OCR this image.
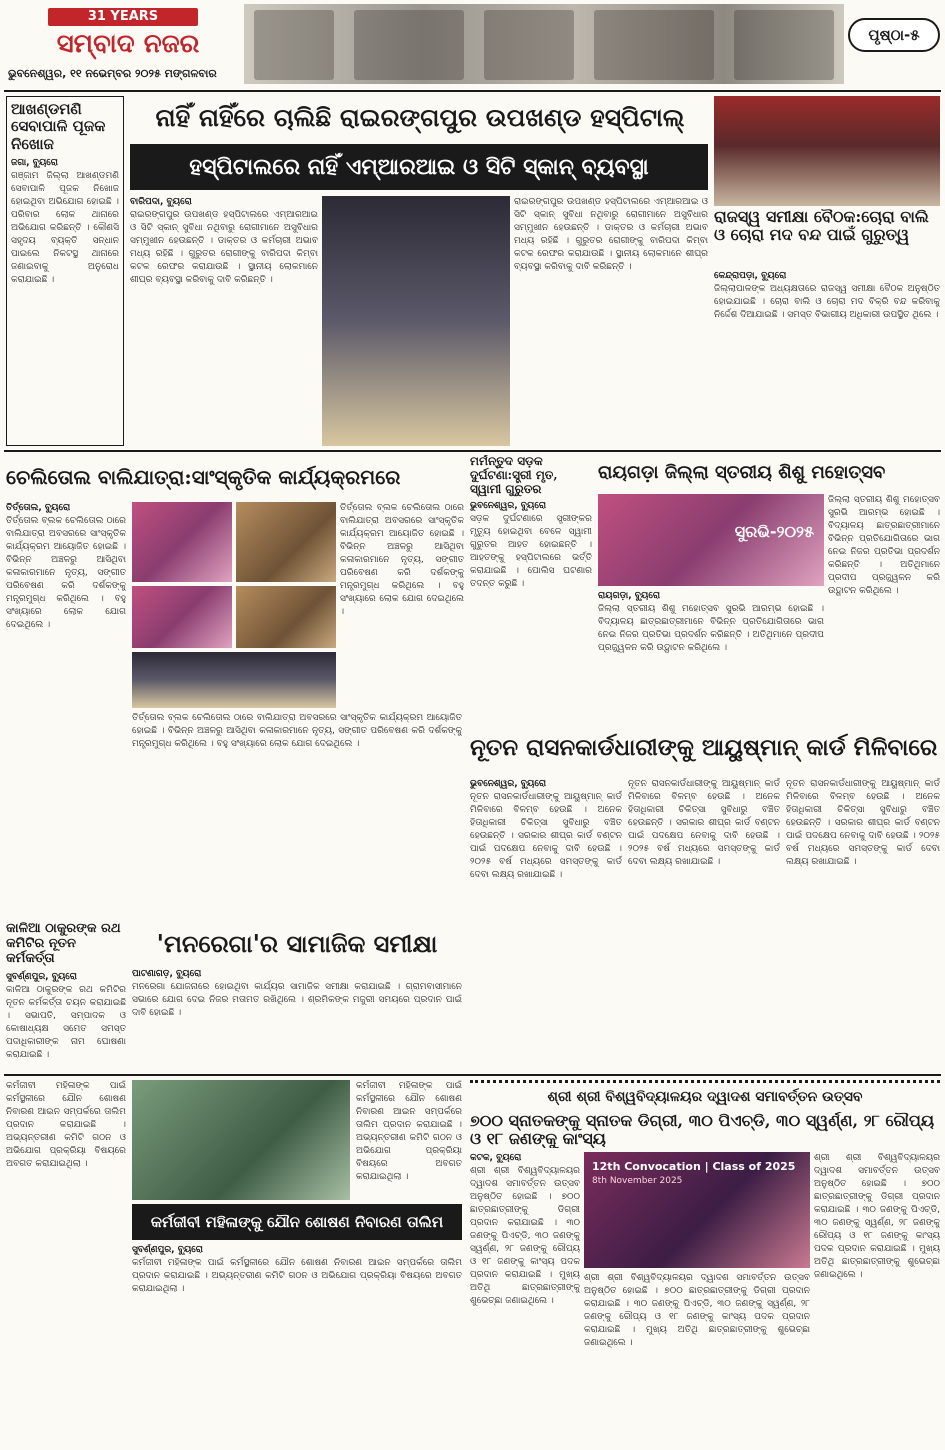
31 YEARS
ସମ୍ବାଦ ନଜର
ଭୁବନେଶ୍ୱର, ୧୧ ନଭେମ୍ବର ୨୦୨୫ ମଙ୍ଗଳବାର
ପୃଷ୍ଠା-୫
ଆଖଣ୍ଡମଣି ସେବାପାଳି ପୂଜକ ନିଖୋଜ
ଜଗା, ବ୍ୟୁରୋ
ଗଞ୍ଜାମ ଜିଲ୍ଲା ଆଖଣ୍ଡମଣି ସେବାପାଳି ପୂଜକ ନିଖୋଜ ହୋଇଥିବା ଅଭିଯୋଗ ହୋଇଛି । ପରିବାର ଲୋକ ଥାନାରେ ଅଭିଯୋଗ କରିଛନ୍ତି । କୌଣସି ସହୃଦୟ ବ୍ୟକ୍ତି ସନ୍ଧାନ ପାଇଲେ ନିକଟସ୍ଥ ଥାନାରେ ଜଣାଇବାକୁ ଅନୁରୋଧ କରାଯାଇଛି ।
ନାହିଁ ନାହିଁରେ ଚାଲିଛି ରାଇରଙ୍ଗପୁର ଉପଖଣ୍ଡ ହସ୍ପିଟାଲ୍
ହସ୍ପିଟାଲରେ ନାହିଁ ଏମ୍ଆରଆଇ ଓ ସିଟି ସ୍କାନ୍ ବ୍ୟବସ୍ଥା
ବାରିପଦା, ବ୍ୟୁରୋ
ରାଇରଙ୍ଗପୁର ଉପଖଣ୍ଡ ହସ୍ପିଟାଲରେ ଏମ୍ଆରଆଇ ଓ ସିଟି ସ୍କାନ୍ ସୁବିଧା ନଥିବାରୁ ରୋଗୀମାନେ ଅସୁବିଧାର ସମ୍ମୁଖୀନ ହେଉଛନ୍ତି । ଡାକ୍ତର ଓ କର୍ମଚାରୀ ଅଭାବ ମଧ୍ୟ ରହିଛି । ଗୁରୁତର ରୋଗୀଙ୍କୁ ବାରିପଦା କିମ୍ବା କଟକ ରେଫର କରାଯାଉଛି । ସ୍ଥାନୀୟ ଲୋକମାନେ ଶୀଘ୍ର ବ୍ୟବସ୍ଥା କରିବାକୁ ଦାବି କରିଛନ୍ତି ।
ରାଇରଙ୍ଗପୁର ଉପଖଣ୍ଡ ହସ୍ପିଟାଲରେ ଏମ୍ଆରଆଇ ଓ ସିଟି ସ୍କାନ୍ ସୁବିଧା ନଥିବାରୁ ରୋଗୀମାନେ ଅସୁବିଧାର ସମ୍ମୁଖୀନ ହେଉଛନ୍ତି । ଡାକ୍ତର ଓ କର୍ମଚାରୀ ଅଭାବ ମଧ୍ୟ ରହିଛି । ଗୁରୁତର ରୋଗୀଙ୍କୁ ବାରିପଦା କିମ୍ବା କଟକ ରେଫର କରାଯାଉଛି । ସ୍ଥାନୀୟ ଲୋକମାନେ ଶୀଘ୍ର ବ୍ୟବସ୍ଥା କରିବାକୁ ଦାବି କରିଛନ୍ତି ।
ରାଜସ୍ୱ ସମୀକ୍ଷା ବୈଠକ:ଚୋରା ବାଲି ଓ ଚୋରା ମଦ ବନ୍ଦ ପାଇଁ ଗୁରୁତ୍ୱ
କେନ୍ଦ୍ରାପଡ଼ା, ବ୍ୟୁରୋ
ଜିଲ୍ଲାପାଳଙ୍କ ଅଧ୍ୟକ୍ଷତାରେ ରାଜସ୍ୱ ସମୀକ୍ଷା ବୈଠକ ଅନୁଷ୍ଠିତ ହୋଇଯାଇଛି । ଚୋରା ବାଲି ଓ ଚୋରା ମଦ ବିକ୍ରି ବନ୍ଦ କରିବାକୁ ନିର୍ଦ୍ଦେଶ ଦିଆଯାଇଛି । ସମସ୍ତ ବିଭାଗୀୟ ଅଧିକାରୀ ଉପସ୍ଥିତ ଥିଲେ ।
ଚେଲିତୋଲ ବାଲିଯାତ୍ରା:ସାଂସ୍କୃତିକ କାର୍ଯ୍ୟକ୍ରମରେ
ତିର୍ତ୍ତୋଲ, ବ୍ୟୁରୋ
ତିର୍ତ୍ତୋଲ ବ୍ଲକ ଚେଲିତୋଲ ଠାରେ ବାଲିଯାତ୍ରା ଅବସରରେ ସାଂସ୍କୃତିକ କାର୍ଯ୍ୟକ୍ରମ ଆୟୋଜିତ ହୋଇଛି । ବିଭିନ୍ନ ଅଞ୍ଚଳରୁ ଆସିଥିବା କଳାକାରମାନେ ନୃତ୍ୟ, ସଙ୍ଗୀତ ପରିବେଷଣ କରି ଦର୍ଶକଙ୍କୁ ମନ୍ତ୍ରମୁଗ୍ଧ କରିଥିଲେ । ବହୁ ସଂଖ୍ୟାରେ ଲୋକ ଯୋଗ ଦେଇଥିଲେ ।
ତିର୍ତ୍ତୋଲ ବ୍ଲକ ଚେଲିତୋଲ ଠାରେ ବାଲିଯାତ୍ରା ଅବସରରେ ସାଂସ୍କୃତିକ କାର୍ଯ୍ୟକ୍ରମ ଆୟୋଜିତ ହୋଇଛି । ବିଭିନ୍ନ ଅଞ୍ଚଳରୁ ଆସିଥିବା କଳାକାରମାନେ ନୃତ୍ୟ, ସଙ୍ଗୀତ ପରିବେଷଣ କରି ଦର୍ଶକଙ୍କୁ ମନ୍ତ୍ରମୁଗ୍ଧ କରିଥିଲେ । ବହୁ ସଂଖ୍ୟାରେ ଲୋକ ଯୋଗ ଦେଇଥିଲେ ।
ତିର୍ତ୍ତୋଲ ବ୍ଲକ ଚେଲିତୋଲ ଠାରେ ବାଲିଯାତ୍ରା ଅବସରରେ ସାଂସ୍କୃତିକ କାର୍ଯ୍ୟକ୍ରମ ଆୟୋଜିତ ହୋଇଛି । ବିଭିନ୍ନ ଅଞ୍ଚଳରୁ ଆସିଥିବା କଳାକାରମାନେ ନୃତ୍ୟ, ସଙ୍ଗୀତ ପରିବେଷଣ କରି ଦର୍ଶକଙ୍କୁ ମନ୍ତ୍ରମୁଗ୍ଧ କରିଥିଲେ । ବହୁ ସଂଖ୍ୟାରେ ଲୋକ ଯୋଗ ଦେଇଥିଲେ ।
ମର୍ମନ୍ତୁଦ ସଡ଼କ ଦୁର୍ଘଟଣା:ସ୍ତ୍ରୀ ମୃତ, ସ୍ୱାମୀ ଗୁରୁତର
ଭୁବନେଶ୍ୱର, ବ୍ୟୁରୋ
ସଡ଼କ ଦୁର୍ଘଟଣାରେ ସ୍ତ୍ରୀଙ୍କର ମୃତ୍ୟୁ ହୋଇଥିବା ବେଳେ ସ୍ୱାମୀ ଗୁରୁତର ଆହତ ହୋଇଛନ୍ତି । ଆହତଙ୍କୁ ହସ୍ପିଟାଲରେ ଭର୍ତ୍ତି କରାଯାଇଛି । ପୋଲିସ ଘଟଣାର ତଦନ୍ତ କରୁଛି ।
ରାୟଗଡ଼ା ଜିଲ୍ଲା ସ୍ତରୀୟ ଶିଶୁ ମହୋତ୍ସବ
ସୁରଭି-୨୦୨୫
ଜିଲ୍ଲା ସ୍ତରୀୟ ଶିଶୁ ମହୋତ୍ସବ ସୁରଭି ଆରମ୍ଭ ହୋଇଛି । ବିଦ୍ୟାଳୟ ଛାତ୍ରଛାତ୍ରୀମାନେ ବିଭିନ୍ନ ପ୍ରତିଯୋଗିତାରେ ଭାଗ ନେଇ ନିଜର ପ୍ରତିଭା ପ୍ରଦର୍ଶନ କରିଛନ୍ତି । ଅତିଥିମାନେ ପ୍ରଦୀପ ପ୍ରଜ୍ଜ୍ୱଳନ କରି ଉଦ୍ଘାଟନ କରିଥିଲେ ।
ରାୟଗଡ଼ା, ବ୍ୟୁରୋ
ଜିଲ୍ଲା ସ୍ତରୀୟ ଶିଶୁ ମହୋତ୍ସବ ସୁରଭି ଆରମ୍ଭ ହୋଇଛି । ବିଦ୍ୟାଳୟ ଛାତ୍ରଛାତ୍ରୀମାନେ ବିଭିନ୍ନ ପ୍ରତିଯୋଗିତାରେ ଭାଗ ନେଇ ନିଜର ପ୍ରତିଭା ପ୍ରଦର୍ଶନ କରିଛନ୍ତି । ଅତିଥିମାନେ ପ୍ରଦୀପ ପ୍ରଜ୍ଜ୍ୱଳନ କରି ଉଦ୍ଘାଟନ କରିଥିଲେ ।
ନୂତନ ରାସନକାର୍ଡଧାରୀଙ୍କୁ ଆୟୁଷ୍ମାନ୍ କାର୍ଡ ମିଳିବାରେ
ଭୁବନେଶ୍ୱର, ବ୍ୟୁରୋ
ନୂତନ ରାସନକାର୍ଡଧାରୀଙ୍କୁ ଆୟୁଷ୍ମାନ୍ କାର୍ଡ ମିଳିବାରେ ବିଳମ୍ବ ହେଉଛି । ଅନେକ ହିତାଧିକାରୀ ଚିକିତ୍ସା ସୁବିଧାରୁ ବଞ୍ଚିତ ହେଉଛନ୍ତି । ସରକାର ଶୀଘ୍ର କାର୍ଡ ବଣ୍ଟନ ପାଇଁ ପଦକ୍ଷେପ ନେବାକୁ ଦାବି ହେଉଛି । ୨୦୨୫ ବର୍ଷ ମଧ୍ୟରେ ସମସ୍ତଙ୍କୁ କାର୍ଡ ଦେବା ଲକ୍ଷ୍ୟ ରଖାଯାଇଛି ।
ନୂତନ ରାସନକାର୍ଡଧାରୀଙ୍କୁ ଆୟୁଷ୍ମାନ୍ କାର୍ଡ ମିଳିବାରେ ବିଳମ୍ବ ହେଉଛି । ଅନେକ ହିତାଧିକାରୀ ଚିକିତ୍ସା ସୁବିଧାରୁ ବଞ୍ଚିତ ହେଉଛନ୍ତି । ସରକାର ଶୀଘ୍ର କାର୍ଡ ବଣ୍ଟନ ପାଇଁ ପଦକ୍ଷେପ ନେବାକୁ ଦାବି ହେଉଛି । ୨୦୨୫ ବର୍ଷ ମଧ୍ୟରେ ସମସ୍ତଙ୍କୁ କାର୍ଡ ଦେବା ଲକ୍ଷ୍ୟ ରଖାଯାଇଛି ।
ନୂତନ ରାସନକାର୍ଡଧାରୀଙ୍କୁ ଆୟୁଷ୍ମାନ୍ କାର୍ଡ ମିଳିବାରେ ବିଳମ୍ବ ହେଉଛି । ଅନେକ ହିତାଧିକାରୀ ଚିକିତ୍ସା ସୁବିଧାରୁ ବଞ୍ଚିତ ହେଉଛନ୍ତି । ସରକାର ଶୀଘ୍ର କାର୍ଡ ବଣ୍ଟନ ପାଇଁ ପଦକ୍ଷେପ ନେବାକୁ ଦାବି ହେଉଛି । ୨୦୨୫ ବର୍ଷ ମଧ୍ୟରେ ସମସ୍ତଙ୍କୁ କାର୍ଡ ଦେବା ଲକ୍ଷ୍ୟ ରଖାଯାଇଛି ।
କାଳିଆ ଠାକୁରଙ୍କ ରଥ କମିଟିର ନୂତନ କର୍ମକର୍ତ୍ତା
ସୁବର୍ଣ୍ଣପୁର, ବ୍ୟୁରୋ
କାଳିଆ ଠାକୁରଙ୍କ ରଥ କମିଟିର ନୂତନ କର୍ମକର୍ତ୍ତା ଚୟନ କରାଯାଇଛି । ସଭାପତି, ସମ୍ପାଦକ ଓ କୋଷାଧ୍ୟକ୍ଷ ସମେତ ସମସ୍ତ ପଦାଧିକାରୀଙ୍କ ନାମ ଘୋଷଣା କରାଯାଇଛି ।
'ମନରେଗା'ର ସାମାଜିକ ସମୀକ୍ଷା
ପାଟଣାଗଡ଼, ବ୍ୟୁରୋ
ମନରେଗା ଯୋଜନାରେ ହୋଇଥିବା କାର୍ଯ୍ୟର ସାମାଜିକ ସମୀକ୍ଷା କରାଯାଇଛି । ଗ୍ରାମବାସୀମାନେ ସଭାରେ ଯୋଗ ଦେଇ ନିଜର ମତାମତ ରଖିଥିଲେ । ଶ୍ରମିକଙ୍କ ମଜୁରୀ ସମୟରେ ପ୍ରଦାନ ପାଇଁ ଦାବି ହୋଇଛି ।
କର୍ମଜୀବୀ ମହିଳାଙ୍କ ପାଇଁ କର୍ମସ୍ଥଳୀରେ ଯୌନ ଶୋଷଣ ନିବାରଣ ଆଇନ ସମ୍ପର୍କରେ ତାଲିମ ପ୍ରଦାନ କରାଯାଇଛି । ଅଭ୍ୟନ୍ତରୀଣ କମିଟି ଗଠନ ଓ ଅଭିଯୋଗ ପ୍ରକ୍ରିୟା ବିଷୟରେ ଅବଗତ କରାଯାଇଥିଲା ।
କର୍ମଜୀବୀ ମହିଳାଙ୍କ ପାଇଁ କର୍ମସ୍ଥଳୀରେ ଯୌନ ଶୋଷଣ ନିବାରଣ ଆଇନ ସମ୍ପର୍କରେ ତାଲିମ ପ୍ରଦାନ କରାଯାଇଛି । ଅଭ୍ୟନ୍ତରୀଣ କମିଟି ଗଠନ ଓ ଅଭିଯୋଗ ପ୍ରକ୍ରିୟା ବିଷୟରେ ଅବଗତ କରାଯାଇଥିଲା ।
କର୍ମଜୀବୀ ମହିଳାଙ୍କୁ ଯୌନ ଶୋଷଣ ନିବାରଣ ତାଲିମ
ସୁବର୍ଣ୍ଣପୁର, ବ୍ୟୁରୋ
କର୍ମଜୀବୀ ମହିଳାଙ୍କ ପାଇଁ କର୍ମସ୍ଥଳୀରେ ଯୌନ ଶୋଷଣ ନିବାରଣ ଆଇନ ସମ୍ପର୍କରେ ତାଲିମ ପ୍ରଦାନ କରାଯାଇଛି । ଅଭ୍ୟନ୍ତରୀଣ କମିଟି ଗଠନ ଓ ଅଭିଯୋଗ ପ୍ରକ୍ରିୟା ବିଷୟରେ ଅବଗତ କରାଯାଇଥିଲା ।
ଶ୍ରୀ ଶ୍ରୀ ବିଶ୍ୱବିଦ୍ୟାଳୟର ଦ୍ୱାଦଶ ସମାବର୍ତ୍ତନ ଉତ୍ସବ
୭୦୦ ସ୍ନାତକଙ୍କୁ ସ୍ନାତକ ଡିଗ୍ରୀ, ୩୦ ପିଏଚ୍ଡି, ୩୦ ସ୍ୱର୍ଣ୍ଣ, ୨୮ ରୌପ୍ୟ ଓ ୧୮ ଜଣଙ୍କୁ କାଂସ୍ୟ
କଟକ, ବ୍ୟୁରୋ
ଶ୍ରୀ ଶ୍ରୀ ବିଶ୍ୱବିଦ୍ୟାଳୟର ଦ୍ୱାଦଶ ସମାବର୍ତ୍ତନ ଉତ୍ସବ ଅନୁଷ୍ଠିତ ହୋଇଛି । ୭୦୦ ଛାତ୍ରଛାତ୍ରୀଙ୍କୁ ଡିଗ୍ରୀ ପ୍ରଦାନ କରାଯାଇଛି । ୩୦ ଜଣଙ୍କୁ ପିଏଚ୍ଡି, ୩୦ ଜଣଙ୍କୁ ସ୍ୱର୍ଣ୍ଣ, ୨୮ ଜଣଙ୍କୁ ରୌପ୍ୟ ଓ ୧୮ ଜଣଙ୍କୁ କାଂସ୍ୟ ପଦକ ପ୍ରଦାନ କରାଯାଇଛି । ମୁଖ୍ୟ ଅତିଥି ଛାତ୍ରଛାତ୍ରୀଙ୍କୁ ଶୁଭେଚ୍ଛା ଜଣାଇଥିଲେ ।
12th Convocation | Class of 2025
8th November 2025
ଶ୍ରୀ ଶ୍ରୀ ବିଶ୍ୱବିଦ୍ୟାଳୟର ଦ୍ୱାଦଶ ସମାବର୍ତ୍ତନ ଉତ୍ସବ ଅନୁଷ୍ଠିତ ହୋଇଛି । ୭୦୦ ଛାତ୍ରଛାତ୍ରୀଙ୍କୁ ଡିଗ୍ରୀ ପ୍ରଦାନ କରାଯାଇଛି । ୩୦ ଜଣଙ୍କୁ ପିଏଚ୍ଡି, ୩୦ ଜଣଙ୍କୁ ସ୍ୱର୍ଣ୍ଣ, ୨୮ ଜଣଙ୍କୁ ରୌପ୍ୟ ଓ ୧୮ ଜଣଙ୍କୁ କାଂସ୍ୟ ପଦକ ପ୍ରଦାନ କରାଯାଇଛି । ମୁଖ୍ୟ ଅତିଥି ଛାତ୍ରଛାତ୍ରୀଙ୍କୁ ଶୁଭେଚ୍ଛା ଜଣାଇଥିଲେ ।
ଶ୍ରୀ ଶ୍ରୀ ବିଶ୍ୱବିଦ୍ୟାଳୟର ଦ୍ୱାଦଶ ସମାବର୍ତ୍ତନ ଉତ୍ସବ ଅନୁଷ୍ଠିତ ହୋଇଛି । ୭୦୦ ଛାତ୍ରଛାତ୍ରୀଙ୍କୁ ଡିଗ୍ରୀ ପ୍ରଦାନ କରାଯାଇଛି । ୩୦ ଜଣଙ୍କୁ ପିଏଚ୍ଡି, ୩୦ ଜଣଙ୍କୁ ସ୍ୱର୍ଣ୍ଣ, ୨୮ ଜଣଙ୍କୁ ରୌପ୍ୟ ଓ ୧୮ ଜଣଙ୍କୁ କାଂସ୍ୟ ପଦକ ପ୍ରଦାନ କରାଯାଇଛି । ମୁଖ୍ୟ ଅତିଥି ଛାତ୍ରଛାତ୍ରୀଙ୍କୁ ଶୁଭେଚ୍ଛା ଜଣାଇଥିଲେ ।
